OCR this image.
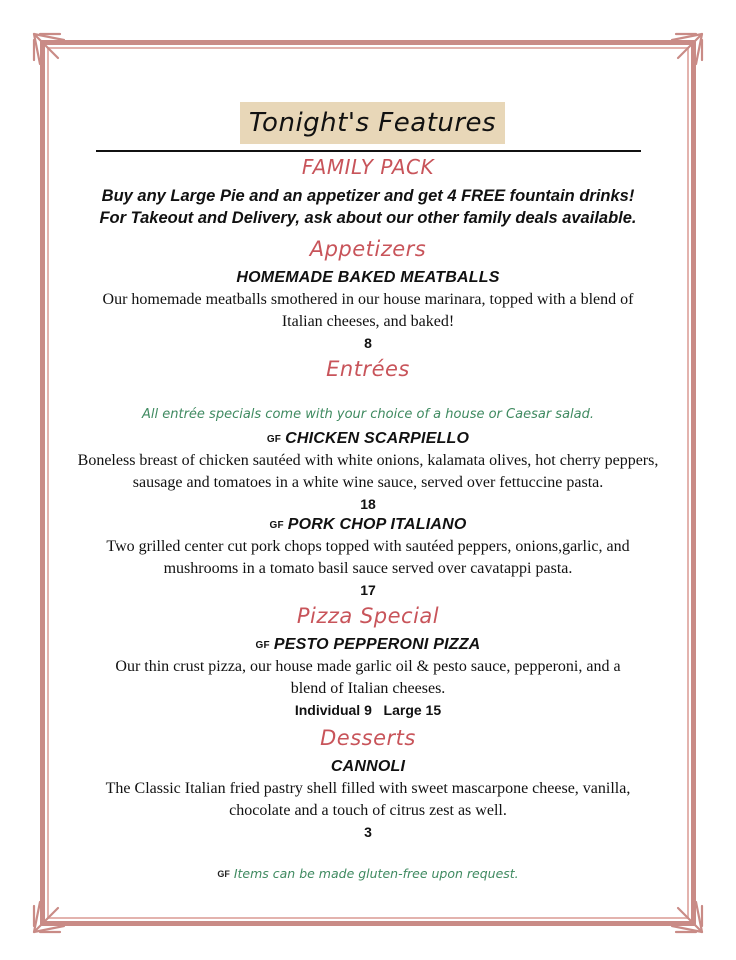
Tonight's Features

FAMILY PACK

Buy any Large Pie and an appetizer and get 4 FREE fountain drinks! For Takeout and Delivery, ask about our other family deals available.

Appetizers

HOMEMADE BAKED MEATBALLS

Our homemade meatballs smothered in our house marinara, topped with a blend of Italian cheeses, and baked!

8

Entrées

All entrée specials come with your choice of a house or Caesar salad.

GF CHICKEN SCARPIELLO

Boneless breast of chicken sautéed with white onions, kalamata olives, hot cherry peppers, sausage and tomatoes in a white wine sauce, served over fettuccine pasta.

18

GF PORK CHOP ITALIANO

Two grilled center cut pork chops topped with sautéed peppers, onions,garlic, and mushrooms in a tomato basil sauce served over cavatappi pasta.

17

Pizza Special

GF PESTO PEPPERONI PIZZA

Our thin crust pizza, our house made garlic oil & pesto sauce, pepperoni, and a blend of Italian cheeses.

Individual 9   Large 15

Desserts

CANNOLI

The Classic Italian fried pastry shell filled with sweet mascarpone cheese, vanilla, chocolate and a touch of citrus zest as well.

3

GF Items can be made gluten-free upon request.
